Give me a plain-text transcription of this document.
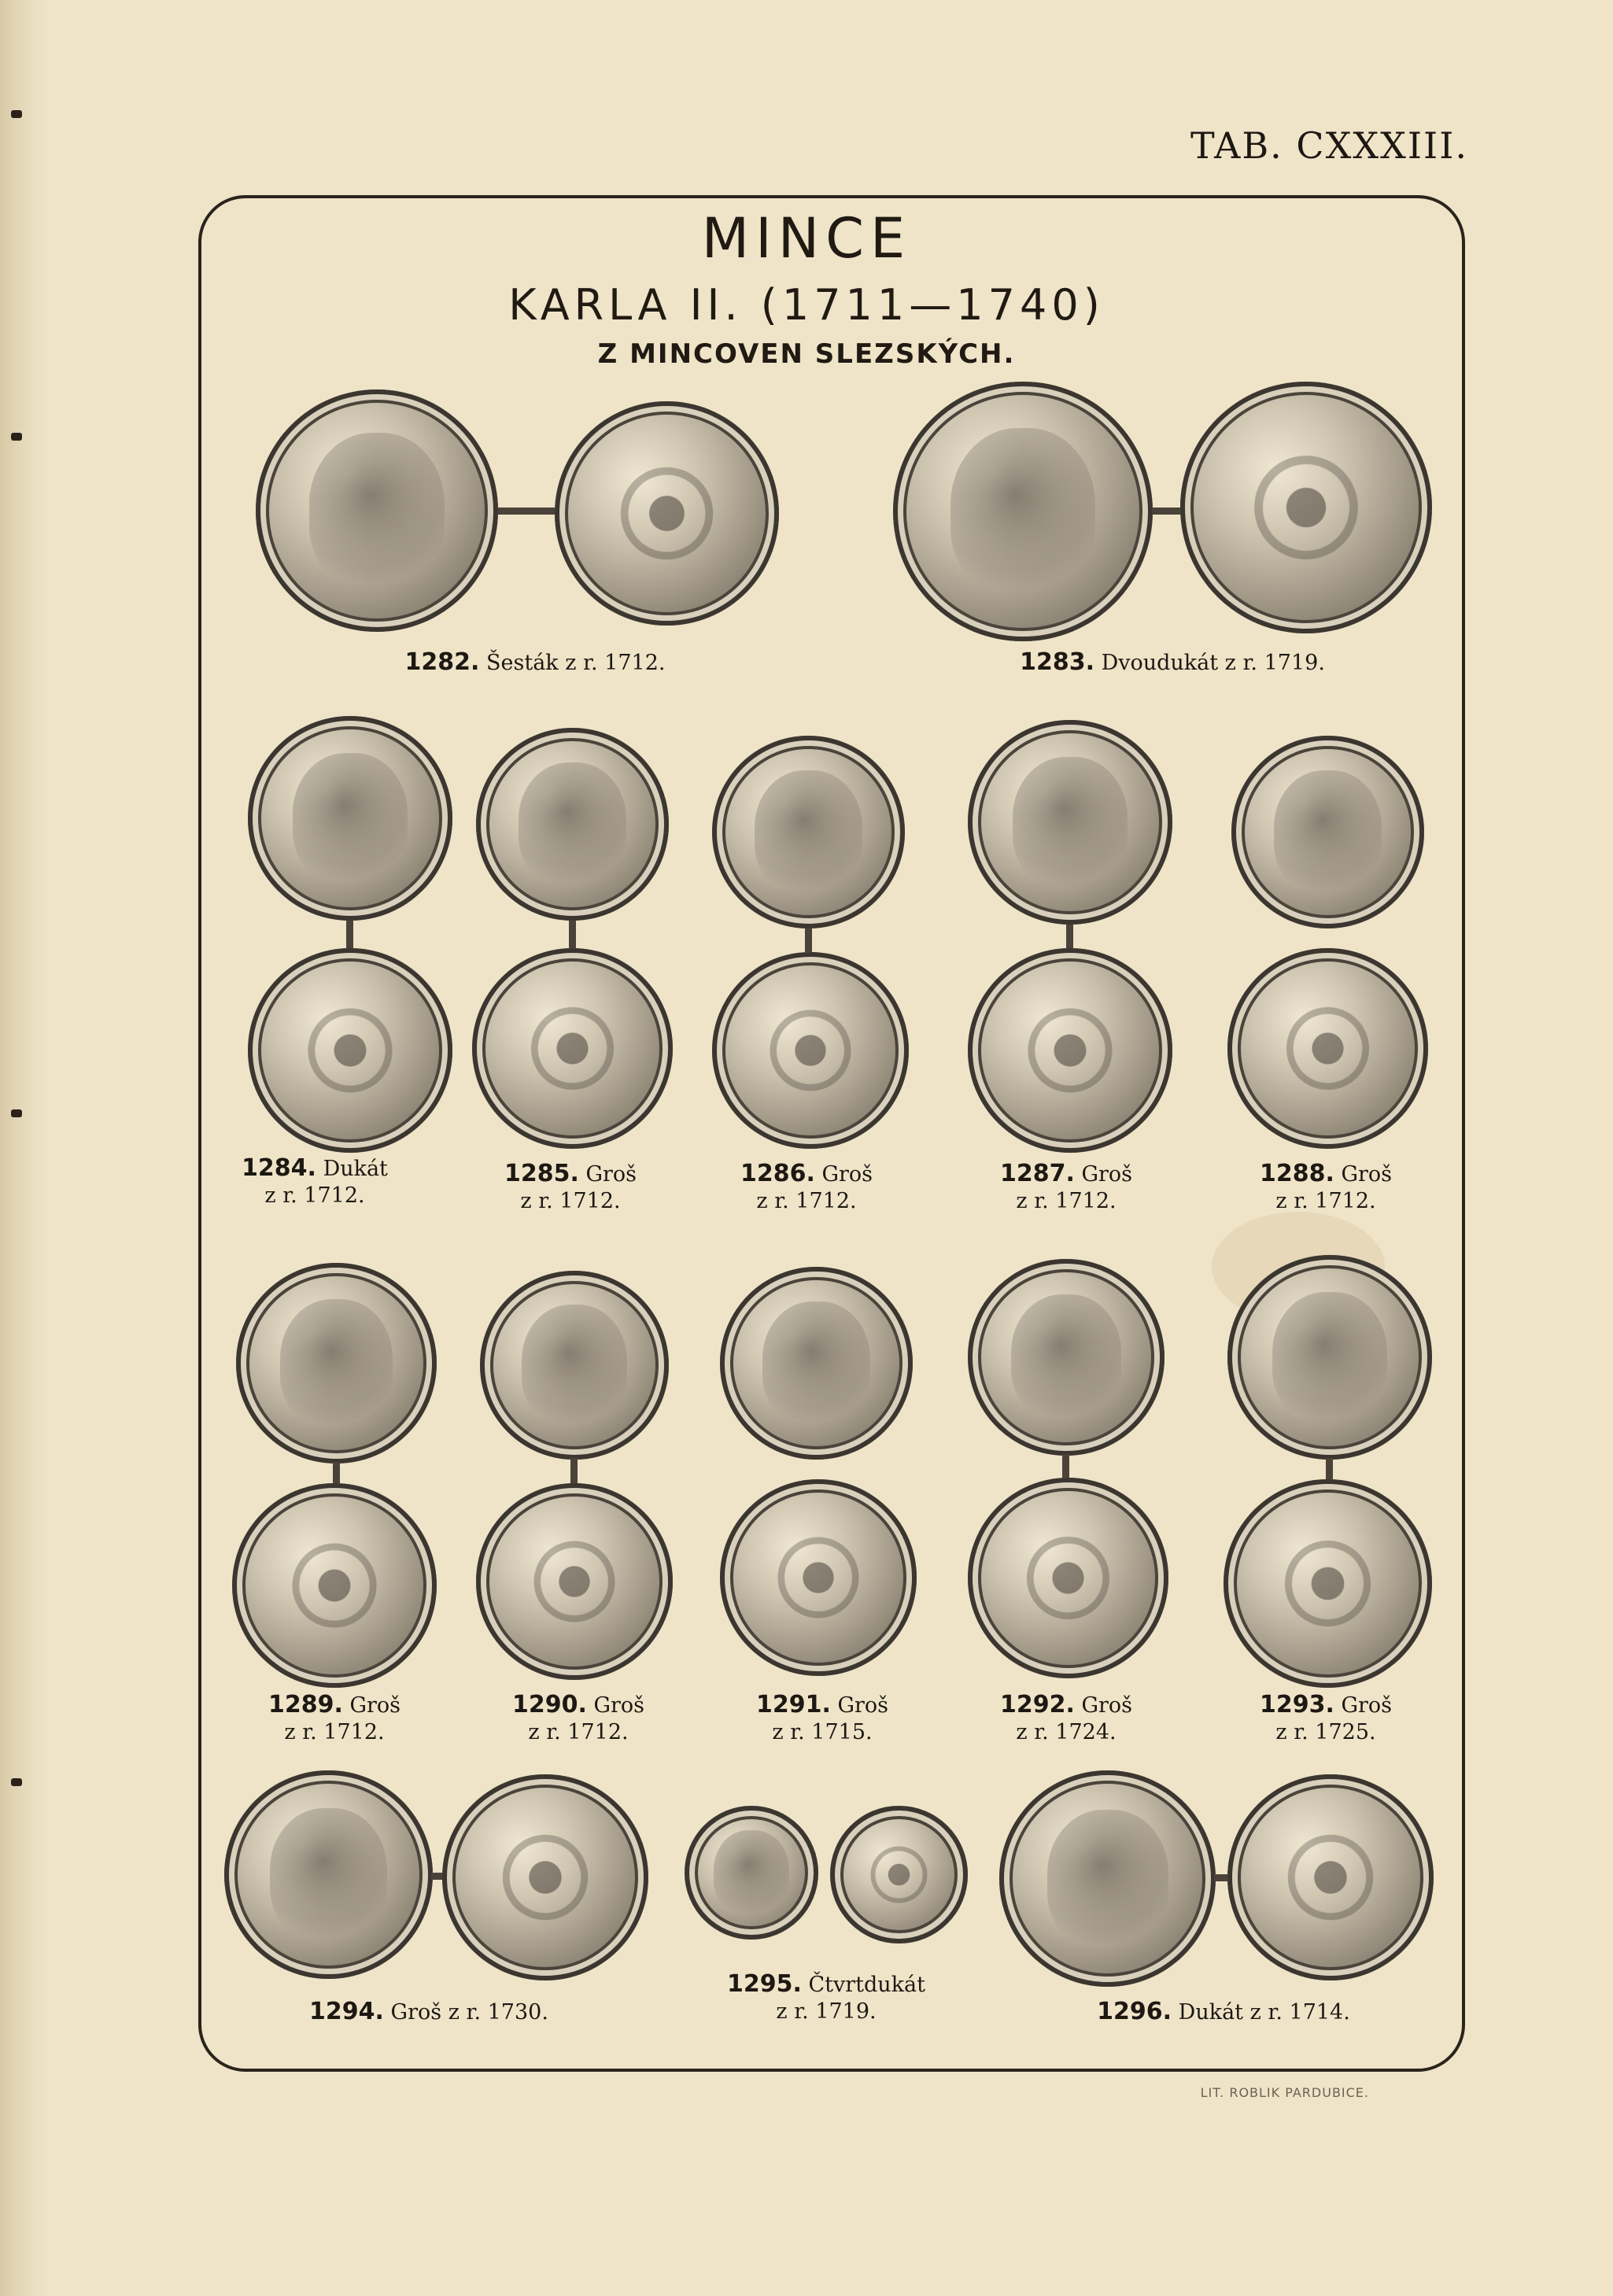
TAB. CXXXIII.
MINCE
KARLA II. (1711—1740)
Z MINCOVEN SLEZSKÝCH.
1282. Šesták z r. 1712.	1283. Dvoudukát z r. 1719.
1284. Dukát
z r. 1712.
1285. Groš
z r. 1712.
1286. Groš
z r. 1712.
1287. Groš
z r. 1712.
1288. Groš
z r. 1712.
1289. Groš
z r. 1712.
1290. Groš
z r. 1712.
1291. Groš
z r. 1715.
1292. Groš
z r. 1724.
1293. Groš
z r. 1725.
1294. Groš z r. 1730.
1295. Čtvrtdukát
z r. 1719.	1296. Dukát z r. 1714.
LIT. ROBLIK PARDUBICE.
